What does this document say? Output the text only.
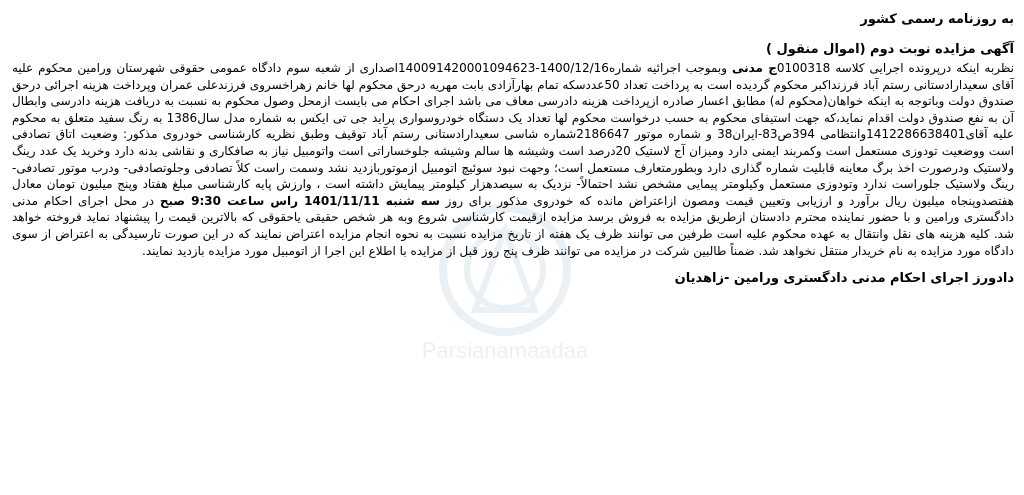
Parsianamaadaa

به روزنامه رسمی کشور

آگهی مزایده نوبت دوم (اموال منقول )

نظربه اینکه درپرونده اجرایی کلاسه 0100318ج مدنی وبموجب اجرائیه شماره1400/12/16-140091420001094623اصداری از شعبه سوم دادگاه عمومی حقوقی شهرستان ورامین محکوم علیه آقای سعیدارادستانی رستم آباد فرزنداکبر محکوم گردیده است به پرداخت تعداد 50عددسکه تمام بهارآزادی بابت مهریه درحق محکوم لها خانم زهراخسروی فرزندعلی عمران وپرداخت هزینه اجرائی درحق صندوق دولت وباتوجه به اینکه خواهان(محکوم له) مطابق اعسار صادره ازپرداخت هزینه دادرسی معاف می باشد اجرای احکام می بایست ازمحل وصول محکوم به نسبت به دریافت هزینه دادرسی وابطال آن به نفع صندوق دولت اقدام نماید،که جهت استیفای محکوم به حسب درخواست محکوم لها تعداد یک دستگاه خودروسواری پراید جی تی ایکس به شماره مدل سال1386 به رنگ سفید متعلق به محکوم علیه آقای1412286638401وانتظامی 394ص83-ایران38 و شماره موتور 2186647شماره شاسی سعیدارادستانی رستم آباد توقیف وطبق نظریه کارشناسی خودروی مذکور: وضعیت اتاق تصادفی است ووضعیت تودوزی مستعمل است وکمربند ایمنی دارد ومیزان آج لاستیک 20درصد است وشیشه ها سالم وشیشه جلوخساراتی است واتومبیل نیاز به صافکاری و نقاشی بدنه دارد وخرید یک عدد رینگ ولاستیک ودرصورت اخذ برگ معاینه قابلیت شماره گذاری دارد وبطورمتعارف مستعمل است؛ وجهت نبود سوئیچ اتومبیل ازموتوربازدید نشد وسمت راست کلاً تصادفی وجلوتصادفی- ودرب موتور تصادفی- رینگ ولاستیک جلوراست ندارد وتودوزی مستعمل وکیلومتر پیمایی مشخص نشد احتمالاً- نزدیک به سیصدهزار کیلومتر پیمایش داشته است ، وارزش پایه کارشناسی مبلغ هفتاد وپنج میلیون تومان معادل هفتصدوپنجاه میلیون ریال برآورد و ارزیابی وتعیین قیمت ومصون ازاعتراض مانده که خودروی مذکور برای روز سه شنبه 1401/11/11 راس ساعت 9:30 صبح در محل اجرای احکام مدنی دادگستری ورامین و با حضور نماینده محترم دادستان ازطریق مزایده به فروش برسد مزایده ازقیمت کارشناسی شروع وبه هر شخص حقیقی یاحقوقی که بالاترین قیمت را پیشنهاد نماید فروخته خواهد شد. کلیه هزینه های نقل وانتقال به عهده محکوم علیه است طرفین می توانند ظرف یک هفته از تاریخ مزایده نسبت به نحوه انجام مزایده اعتراض نمایند که در این صورت تارسیدگی به اعتراض از سوی دادگاه مورد مزایده به نام خریدار منتقل نخواهد شد. ضمناً طالبین شرکت در مزایده می توانند ظرف پنج روز قبل از مزایده با اطلاع این اجرا از اتومبیل مورد مزایده بازدید نمایند.

دادورز اجرای احکام مدنی دادگستری ورامین -زاهدیان
